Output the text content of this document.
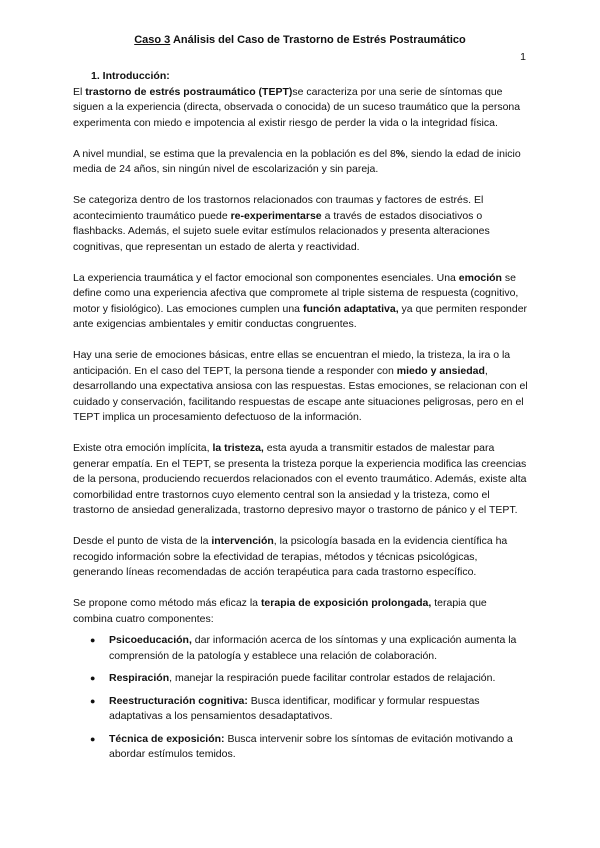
Caso 3 Análisis del Caso de Trastorno de Estrés Postraumático
1
1. Introducción:

El trastorno de estrés postraumático (TEPT)se caracteriza por una serie de síntomas que siguen a la experiencia (directa, observada o conocida) de un suceso traumático que la persona experimenta con miedo e impotencia al existir riesgo de perder la vida o la integridad física.

A nivel mundial, se estima que la prevalencia en la población es del 8%, siendo la edad de inicio media de 24 años, sin ningún nivel de escolarización y sin pareja.

Se categoriza dentro de los trastornos relacionados con traumas y factores de estrés. El acontecimiento traumático puede re-experimentarse a través de estados disociativos o flashbacks. Además, el sujeto suele evitar estímulos relacionados y presenta alteraciones cognitivas, que representan un estado de alerta y reactividad.

La experiencia traumática y el factor emocional son componentes esenciales. Una emoción se define como una experiencia afectiva que compromete al triple sistema de respuesta (cognitivo, motor y fisiológico). Las emociones cumplen una función adaptativa, ya que permiten responder ante exigencias ambientales y emitir conductas congruentes.

Hay una serie de emociones básicas, entre ellas se encuentran el miedo, la tristeza, la ira o la anticipación. En el caso del TEPT, la persona tiende a responder con miedo y ansiedad, desarrollando una expectativa ansiosa con las respuestas. Estas emociones, se relacionan con el cuidado y conservación, facilitando respuestas de escape ante situaciones peligrosas, pero en el TEPT implica un procesamiento defectuoso de la información.

Existe otra emoción implícita, la tristeza, esta ayuda a transmitir estados de malestar para generar empatía. En el TEPT, se presenta la tristeza porque la experiencia modifica las creencias de la persona, produciendo recuerdos relacionados con el evento traumático. Además, existe alta comorbilidad entre trastornos cuyo elemento central son la ansiedad y la tristeza, como el trastorno de ansiedad generalizada, trastorno depresivo mayor o trastorno de pánico y el TEPT.

Desde el punto de vista de la intervención, la psicología basada en la evidencia científica ha recogido información sobre la efectividad de terapias, métodos y técnicas psicológicas, generando líneas recomendadas de acción terapéutica para cada trastorno específico.

Se propone como método más eficaz la terapia de exposición prolongada, terapia que combina cuatro componentes:

● Psicoeducación, dar información acerca de los síntomas y una explicación aumenta la comprensión de la patología y establece una relación de colaboración.
● Respiración, manejar la respiración puede facilitar controlar estados de relajación.
● Reestructuración cognitiva: Busca identificar, modificar y formular respuestas adaptativas a los pensamientos desadaptativos.
● Técnica de exposición: Busca intervenir sobre los síntomas de evitación motivando a abordar estímulos temidos.
